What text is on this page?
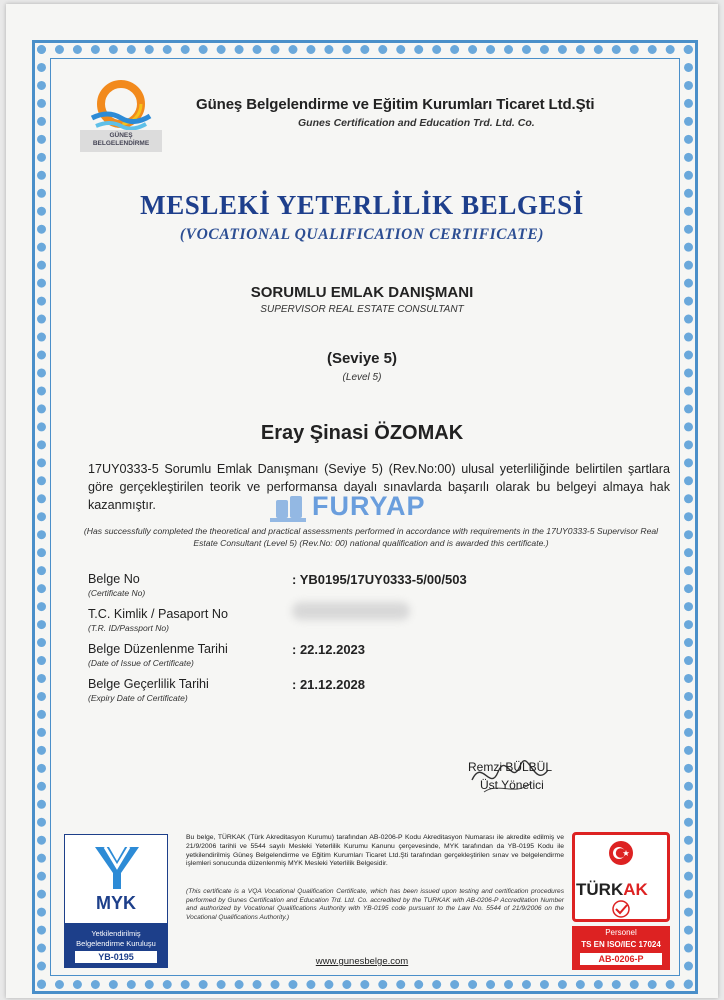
GÜNEŞ
BELGELENDİRME
Güneş Belgelendirme ve Eğitim Kurumları Ticaret Ltd.Şti
Gunes Certification and Education Trd. Ltd. Co.
MESLEKİ YETERLİLİK BELGESİ
(VOCATIONAL QUALIFICATION CERTIFICATE)
SORUMLU EMLAK DANIŞMANI
SUPERVISOR REAL ESTATE CONSULTANT
(Seviye 5)
(Level 5)
Eray Şinasi ÖZOMAK
17UY0333-5 Sorumlu Emlak Danışmanı (Seviye 5) (Rev.No:00) ulusal yeterliliğinde belirtilen şartlara göre gerçekleştirilen teorik ve performansa dayalı sınavlarda başarılı olarak bu belgeyi almaya hak kazanmıştır.
(Has successfully completed the theoretical and practical assessments performed in accordance with requirements in the 17UY0333-5 Supervisor Real Estate Consultant (Level 5) (Rev.No: 00) national qualification and is awarded this certificate.)
FURYAP
Belge No
(Certificate No)
: YB0195/17UY0333-5/00/503
T.C. Kimlik / Pasaport No
(T.R. ID/Passport No)
Belge Düzenlenme Tarihi
(Date of Issue of Certificate)
: 22.12.2023
Belge Geçerlilik Tarihi
(Expiry Date of Certificate)
: 21.12.2028
Remzi BÜLBÜL
Üst Yönetici
MYK
Yetkilendirilmiş
Belgelendirme Kuruluşu
YB-0195
Bu belge, TÜRKAK (Türk Akreditasyon Kurumu) tarafından AB-0206-P Kodu Akreditasyon Numarası ile akredite edilmiş ve 21/9/2006 tarihli ve 5544 sayılı Mesleki Yeterlilik Kurumu Kanunu çerçevesinde, MYK tarafından da YB-0195 Kodu ile yetkilendirilmiş Güneş Belgelendirme ve Eğitim Kurumları Ticaret Ltd.Şti tarafından gerçekleştirilen sınav ve belgelendirme işlemleri sonucunda düzenlenmiş MYK Mesleki Yeterlilik Belgesidir.
(This certificate is a VQA Vocational Qualification Certificate, which has been issued upon testing and certification procedures performed by Gunes Certification and Education Trd. Ltd. Co. accredited by the TURKAK with AB-0206-P Accreditation Number and authorized by Vocational Qualifications Authority with YB-0195 code pursuant to the Law No. 5544 of 21/9/2006 on the Vocational Qualifications Authority.)
www.gunesbelge.com
TÜRKAK
Personel
TS EN ISO/IEC 17024
AB-0206-P
